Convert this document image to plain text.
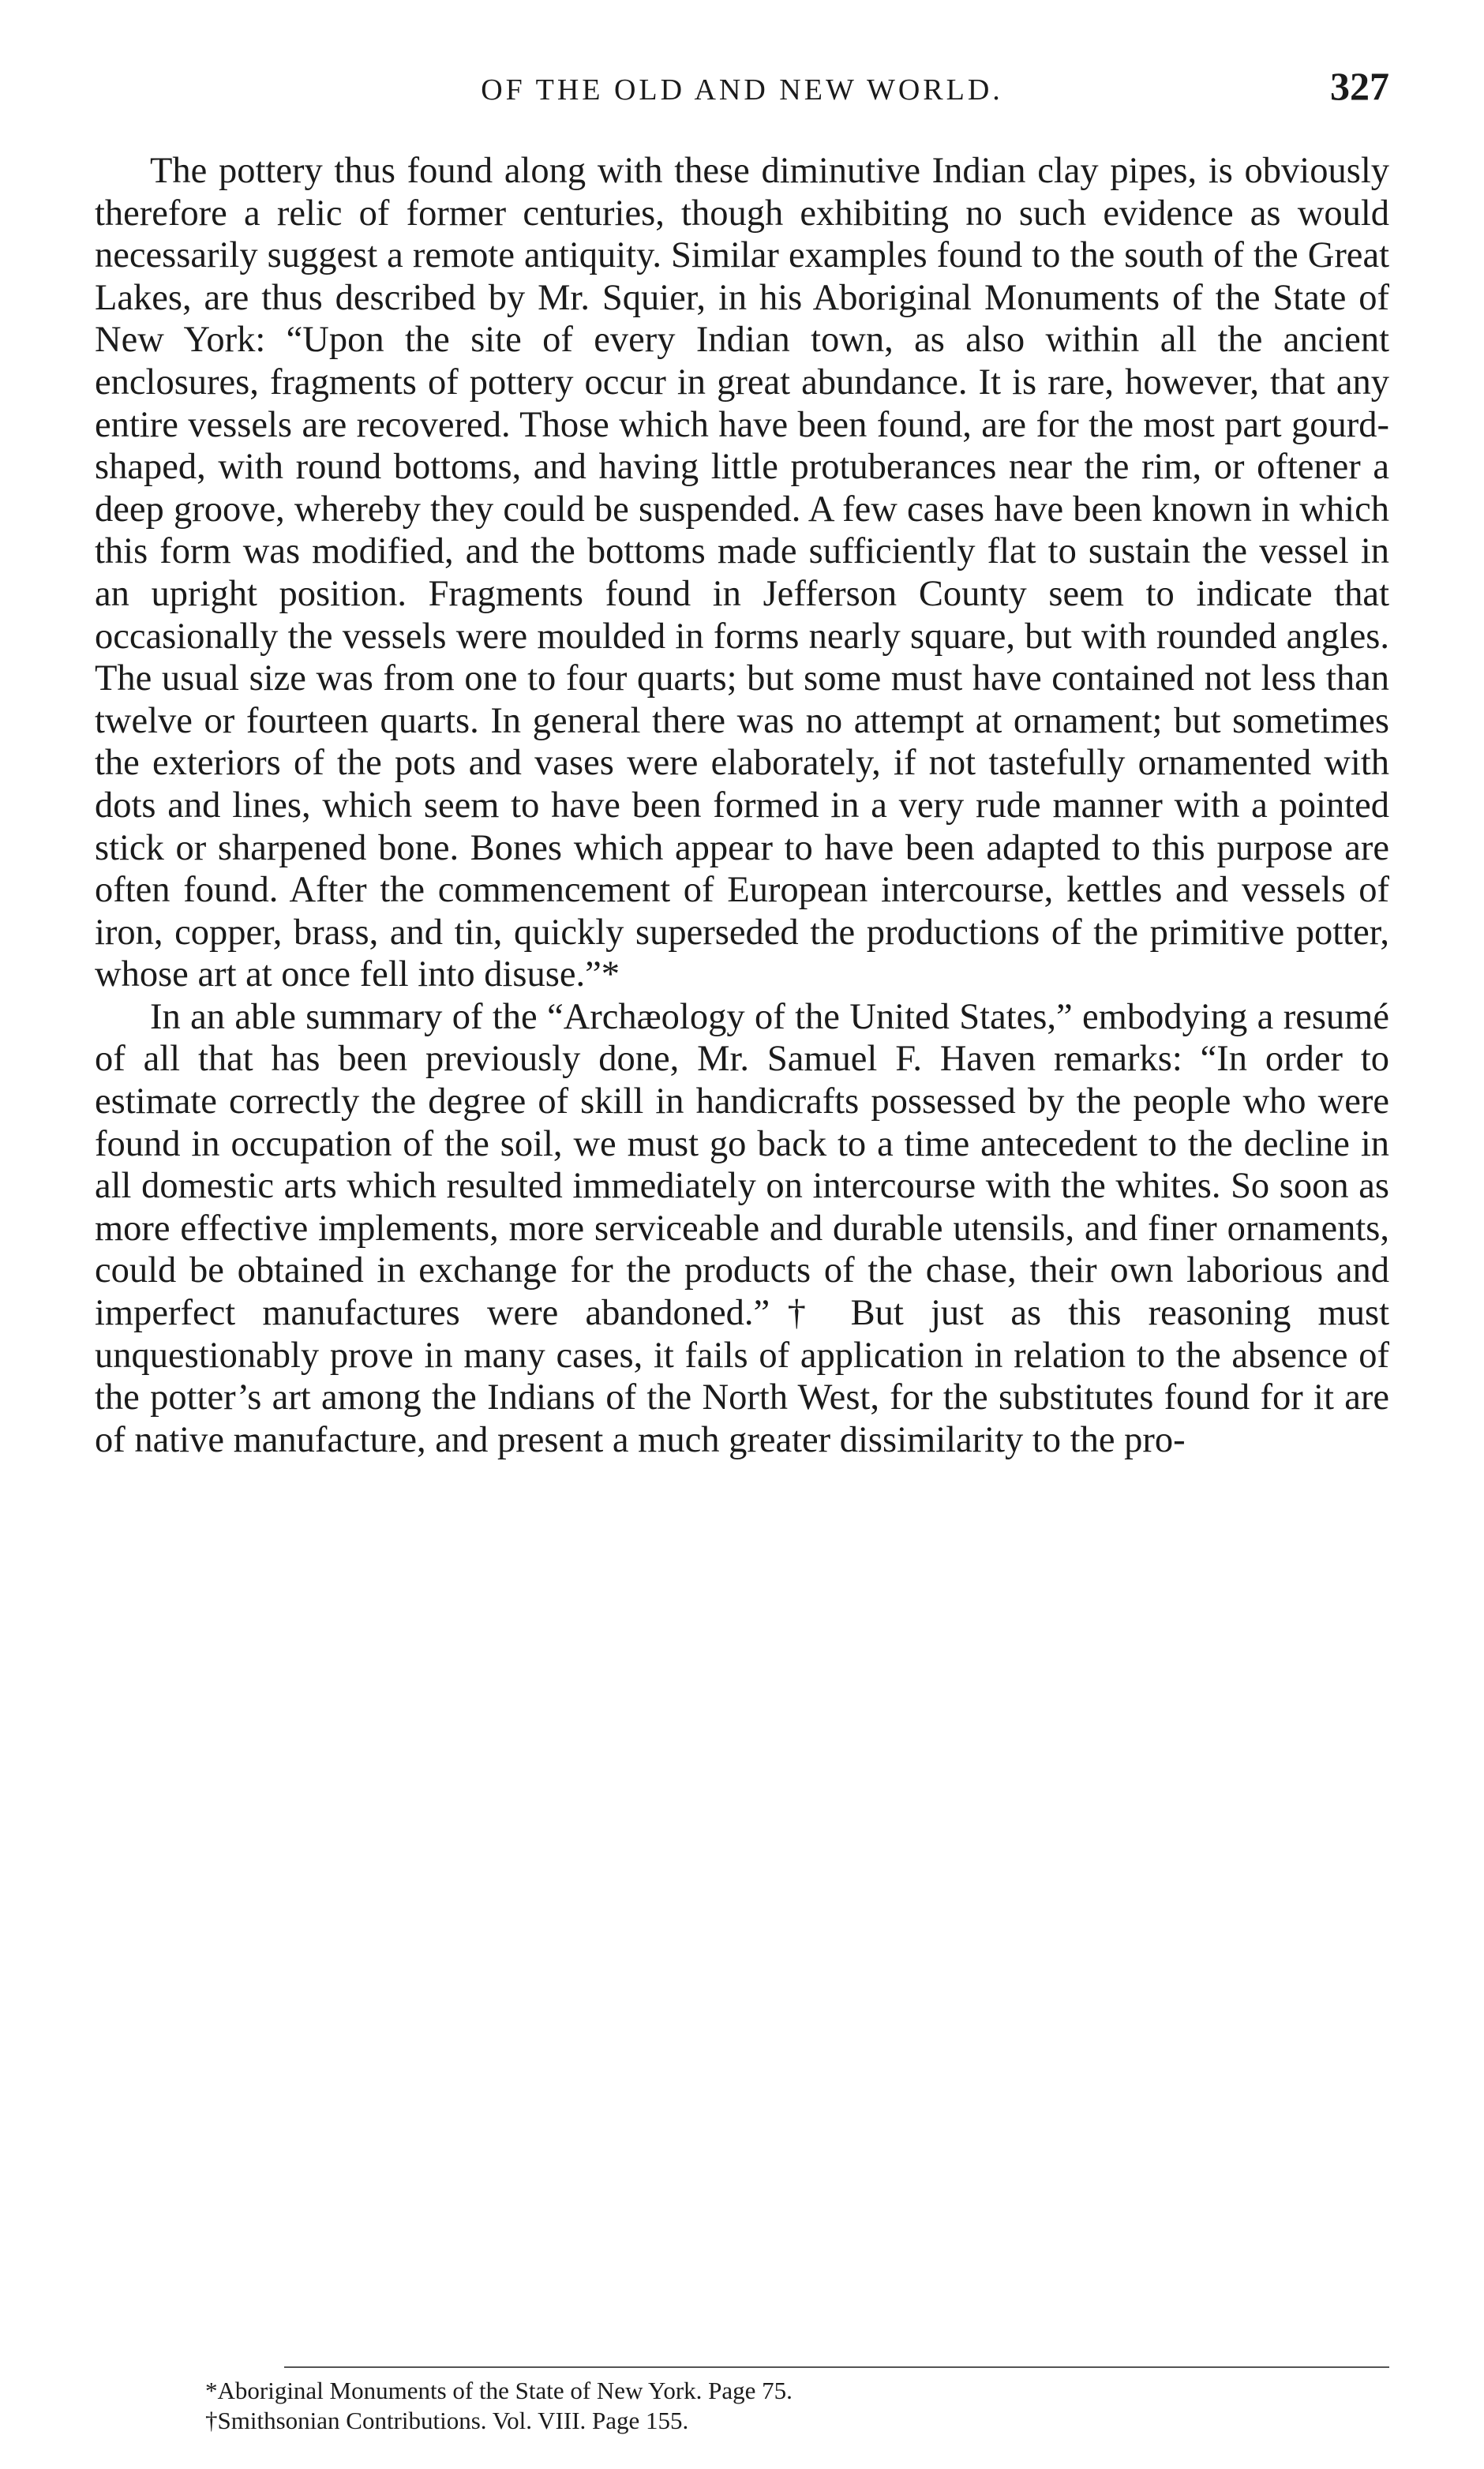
OF THE OLD AND NEW WORLD.	327

The pottery thus found along with these diminutive Indian clay pipes, is obviously therefore a relic of former centuries, though exhibiting no such evidence as would necessarily suggest a remote antiquity. Similar examples found to the south of the Great Lakes, are thus described by Mr. Squier, in his Aboriginal Monuments of the State of New York: “Upon the site of every Indian town, as also within all the ancient enclosures, fragments of pottery occur in great abundance. It is rare, however, that any entire vessels are recovered. Those which have been found, are for the most part gourd-shaped, with round bottoms, and having little protuberances near the rim, or oftener a deep groove, whereby they could be suspended. A few cases have been known in which this form was modified, and the bottoms made sufficiently flat to sustain the vessel in an upright position. Fragments found in Jefferson County seem to indicate that occasionally the vessels were moulded in forms nearly square, but with rounded angles. The usual size was from one to four quarts; but some must have contained not less than twelve or fourteen quarts. In general there was no attempt at ornament; but sometimes the exteriors of the pots and vases were elaborately, if not tastefully ornamented with dots and lines, which seem to have been formed in a very rude manner with a pointed stick or sharpened bone. Bones which appear to have been adapted to this purpose are often found. After the commencement of European intercourse, kettles and vessels of iron, copper, brass, and tin, quickly superseded the productions of the primitive potter, whose art at once fell into disuse.”*

In an able summary of the “Archæology of the United States,” embodying a resumé of all that has been previously done, Mr. Samuel F. Haven remarks: “In order to estimate correctly the degree of skill in handicrafts possessed by the people who were found in occupation of the soil, we must go back to a time antecedent to the decline in all domestic arts which resulted immediately on intercourse with the whites. So soon as more effective implements, more serviceable and durable utensils, and finer ornaments, could be obtained in exchange for the products of the chase, their own laborious and imperfect manufactures were abandoned.”† But just as this reasoning must unquestionably prove in many cases, it fails of application in relation to the absence of the potter’s art among the Indians of the North West, for the substitutes found for it are of native manufacture, and present a much greater dissimilarity to the pro-

*Aboriginal Monuments of the State of New York. Page 75.

†Smithsonian Contributions. Vol. VIII. Page 155.
